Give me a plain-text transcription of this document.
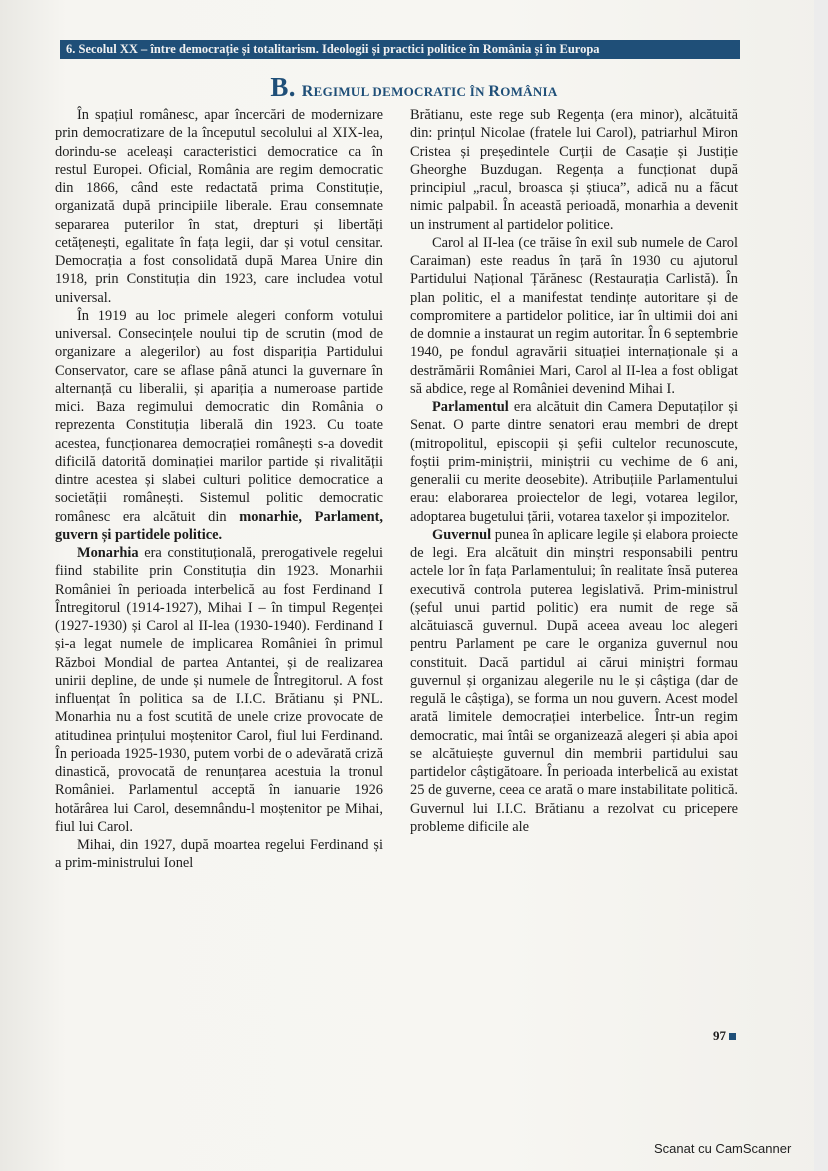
6. Secolul XX – între democrație și totalitarism. Ideologii și practici politice în România și în Europa
B. REGIMUL DEMOCRATIC ÎN ROMÂNIA

În spațiul românesc, apar încercări de modernizare prin democratizare de la începutul secolului al XIX-lea, dorindu-se aceleași caracteristici democratice ca în restul Europei. Oficial, România are regim democratic din 1866, când este redactată prima Constituție, organizată după principiile liberale. Erau consemnate separarea puterilor în stat, drepturi și libertăți cetățenești, egalitate în fața legii, dar și votul censitar. Democrația a fost consolidată după Marea Unire din 1918, prin Constituția din 1923, care includea votul universal.

În 1919 au loc primele alegeri conform votului universal. Consecințele noului tip de scrutin (mod de organizare a alegerilor) au fost dispariția Partidului Conservator, care se aflase până atunci la guvernare în alternanță cu liberalii, și apariția a numeroase partide mici. Baza regimului democratic din România o reprezenta Constituția liberală din 1923. Cu toate acestea, funcționarea democrației românești s-a dovedit dificilă datorită dominației marilor partide și rivalității dintre acestea și slabei culturi politice democratice a societății românești. Sistemul politic democratic românesc era alcătuit din monarhie, Parlament, guvern și partidele politice.

Monarhia era constituțională, prerogativele regelui fiind stabilite prin Constituția din 1923. Monarhii României în perioada interbelică au fost Ferdinand I Întregitorul (1914-1927), Mihai I – în timpul Regenței (1927-1930) și Carol al II-lea (1930-1940). Ferdinand I și-a legat numele de implicarea României în primul Război Mondial de partea Antantei, și de realizarea unirii depline, de unde și numele de Întregitorul. A fost influențat în politica sa de I.I.C. Brătianu și PNL. Monarhia nu a fost scutită de unele crize provocate de atitudinea prințului moștenitor Carol, fiul lui Ferdinand. În perioada 1925-1930, putem vorbi de o adevărată criză dinastică, provocată de renunțarea acestuia la tronul României. Parlamentul acceptă în ianuarie 1926 hotărârea lui Carol, desemnându-l moștenitor pe Mihai, fiul lui Carol.

Mihai, din 1927, după moartea regelui Ferdinand și a prim-ministrului Ionel

Brătianu, este rege sub Regența (era minor), alcătuită din: prințul Nicolae (fratele lui Carol), patriarhul Miron Cristea și președintele Curții de Casație și Justiție Gheorghe Buzdugan. Regența a funcționat după principiul „racul, broasca și știuca”, adică nu a făcut nimic palpabil. În această perioadă, monarhia a devenit un instrument al partidelor politice.

Carol al II-lea (ce trăise în exil sub numele de Carol Caraiman) este readus în țară în 1930 cu ajutorul Partidului Național Țărănesc (Restaurația Carlistă). În plan politic, el a manifestat tendințe autoritare și de compromitere a partidelor politice, iar în ultimii doi ani de domnie a instaurat un regim autoritar. În 6 septembrie 1940, pe fondul agravării situației internaționale și a destrămării României Mari, Carol al II-lea a fost obligat să abdice, rege al României devenind Mihai I.

Parlamentul era alcătuit din Camera Deputaților și Senat. O parte dintre senatori erau membri de drept (mitropolitul, episcopii și șefii cultelor recunoscute, foștii prim-miniștrii, miniștrii cu vechime de 6 ani, generalii cu merite deosebite). Atribuțiile Parlamentului erau: elaborarea proiectelor de legi, votarea legilor, adoptarea bugetului țării, votarea taxelor și impozitelor.

Guvernul punea în aplicare legile și elabora proiecte de legi. Era alcătuit din minștri responsabili pentru actele lor în fața Parlamentului; în realitate însă puterea executivă controla puterea legislativă. Prim-ministrul (șeful unui partid politic) era numit de rege să alcătuiască guvernul. După aceea aveau loc alegeri pentru Parlament pe care le organiza guvernul nou constituit. Dacă partidul ai cărui miniștri formau guvernul și organizau alegerile nu le și câștiga (dar de regulă le câștiga), se forma un nou guvern. Acest model arată limitele democrației interbelice. Într-un regim democratic, mai întâi se organizează alegeri și abia apoi se alcătuiește guvernul din membrii partidului sau partidelor câștigătoare. În perioada interbelică au existat 25 de guverne, ceea ce arată o mare instabilitate politică. Guvernul lui I.I.C. Brătianu a rezolvat cu pricepere probleme dificile ale

97
Scanat cu CamScanner
